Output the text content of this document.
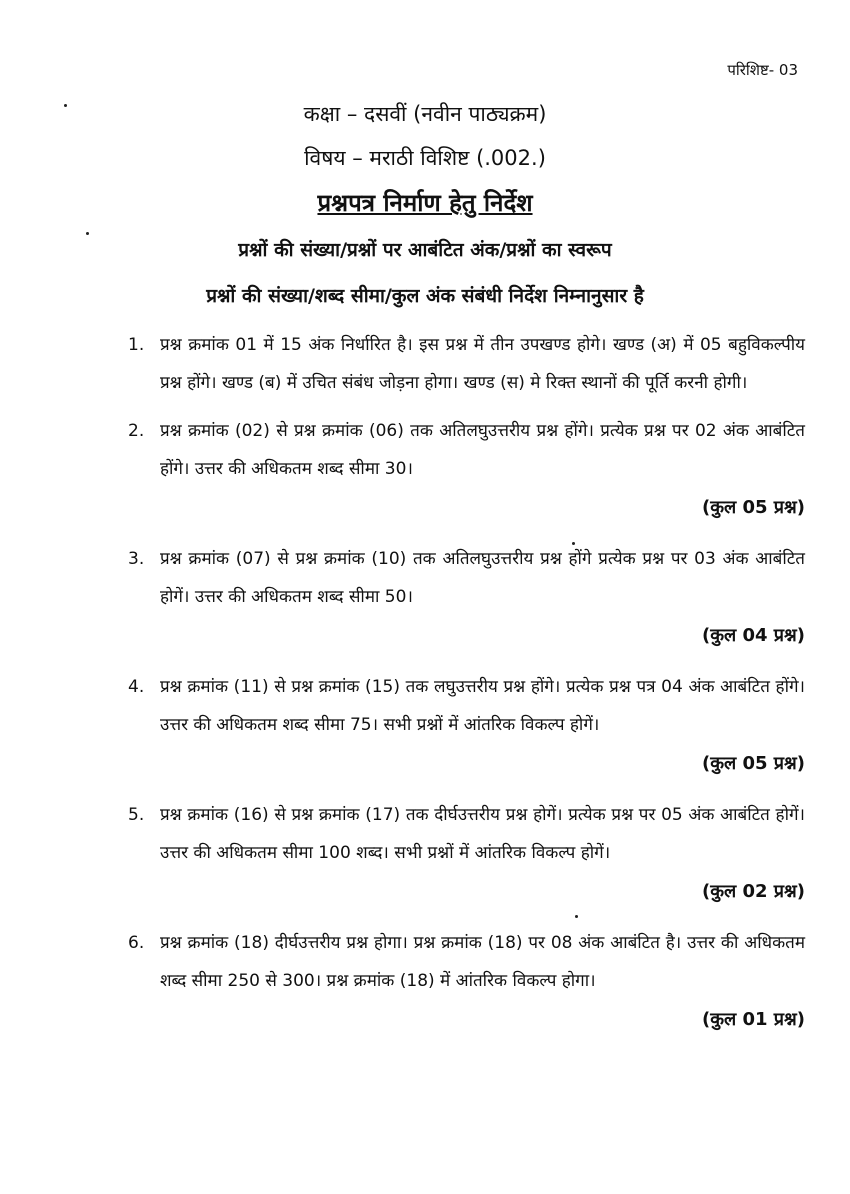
परिशिष्ट- 03
कक्षा – दसवीं (नवीन पाठ्यक्रम)
विषय – मराठी विशिष्ट (.002.)
प्रश्नपत्र निर्माण हेतु निर्देश
प्रश्नों की संख्या/प्रश्नों पर आबंटित अंक/प्रश्नों का स्वरूप
प्रश्नों की संख्या/शब्द सीमा/कुल अंक संबंधी निर्देश निम्नानुसार है
1. प्रश्न क्रमांक 01 में 15 अंक निर्धारित है। इस प्रश्न में तीन उपखण्ड होगे। खण्ड (अ) में 05 बहुविकल्पीय प्रश्न होंगे। खण्ड (ब) में उचित संबंध जोड़ना होगा। खण्ड (स) मे रिक्त स्थानों की पूर्ति करनी होगी।
2. प्रश्न क्रमांक (02) से प्रश्न क्रमांक (06) तक अतिलघुउत्तरीय प्रश्न होंगे। प्रत्येक प्रश्न पर 02 अंक आबंटित होंगे। उत्तर की अधिकतम शब्द सीमा 30।
(कुल 05 प्रश्न)
3. प्रश्न क्रमांक (07) से प्रश्न क्रमांक (10) तक अतिलघुउत्तरीय प्रश्न होंगे प्रत्येक प्रश्न पर 03 अंक आबंटित होगें। उत्तर की अधिकतम शब्द सीमा 50।
(कुल 04 प्रश्न)
4. प्रश्न क्रमांक (11) से प्रश्न क्रमांक (15) तक लघुउत्तरीय प्रश्न होंगे। प्रत्येक प्रश्न पत्र 04 अंक आबंटित होंगे। उत्तर की अधिकतम शब्द सीमा 75। सभी प्रश्नों में आंतरिक विकल्प होगें।
(कुल 05 प्रश्न)
5. प्रश्न क्रमांक (16) से प्रश्न क्रमांक (17) तक दीर्घउत्तरीय प्रश्न होगें। प्रत्येक प्रश्न पर 05 अंक आबंटित होगें। उत्तर की अधिकतम सीमा 100 शब्द। सभी प्रश्नों में आंतरिक विकल्प होगें।
(कुल 02 प्रश्न)
6. प्रश्न क्रमांक (18) दीर्घउत्तरीय प्रश्न होगा। प्रश्न क्रमांक (18) पर 08 अंक आबंटित है। उत्तर की अधिकतम शब्द सीमा 250 से 300। प्रश्न क्रमांक (18) में आंतरिक विकल्प होगा।
(कुल 01 प्रश्न)
